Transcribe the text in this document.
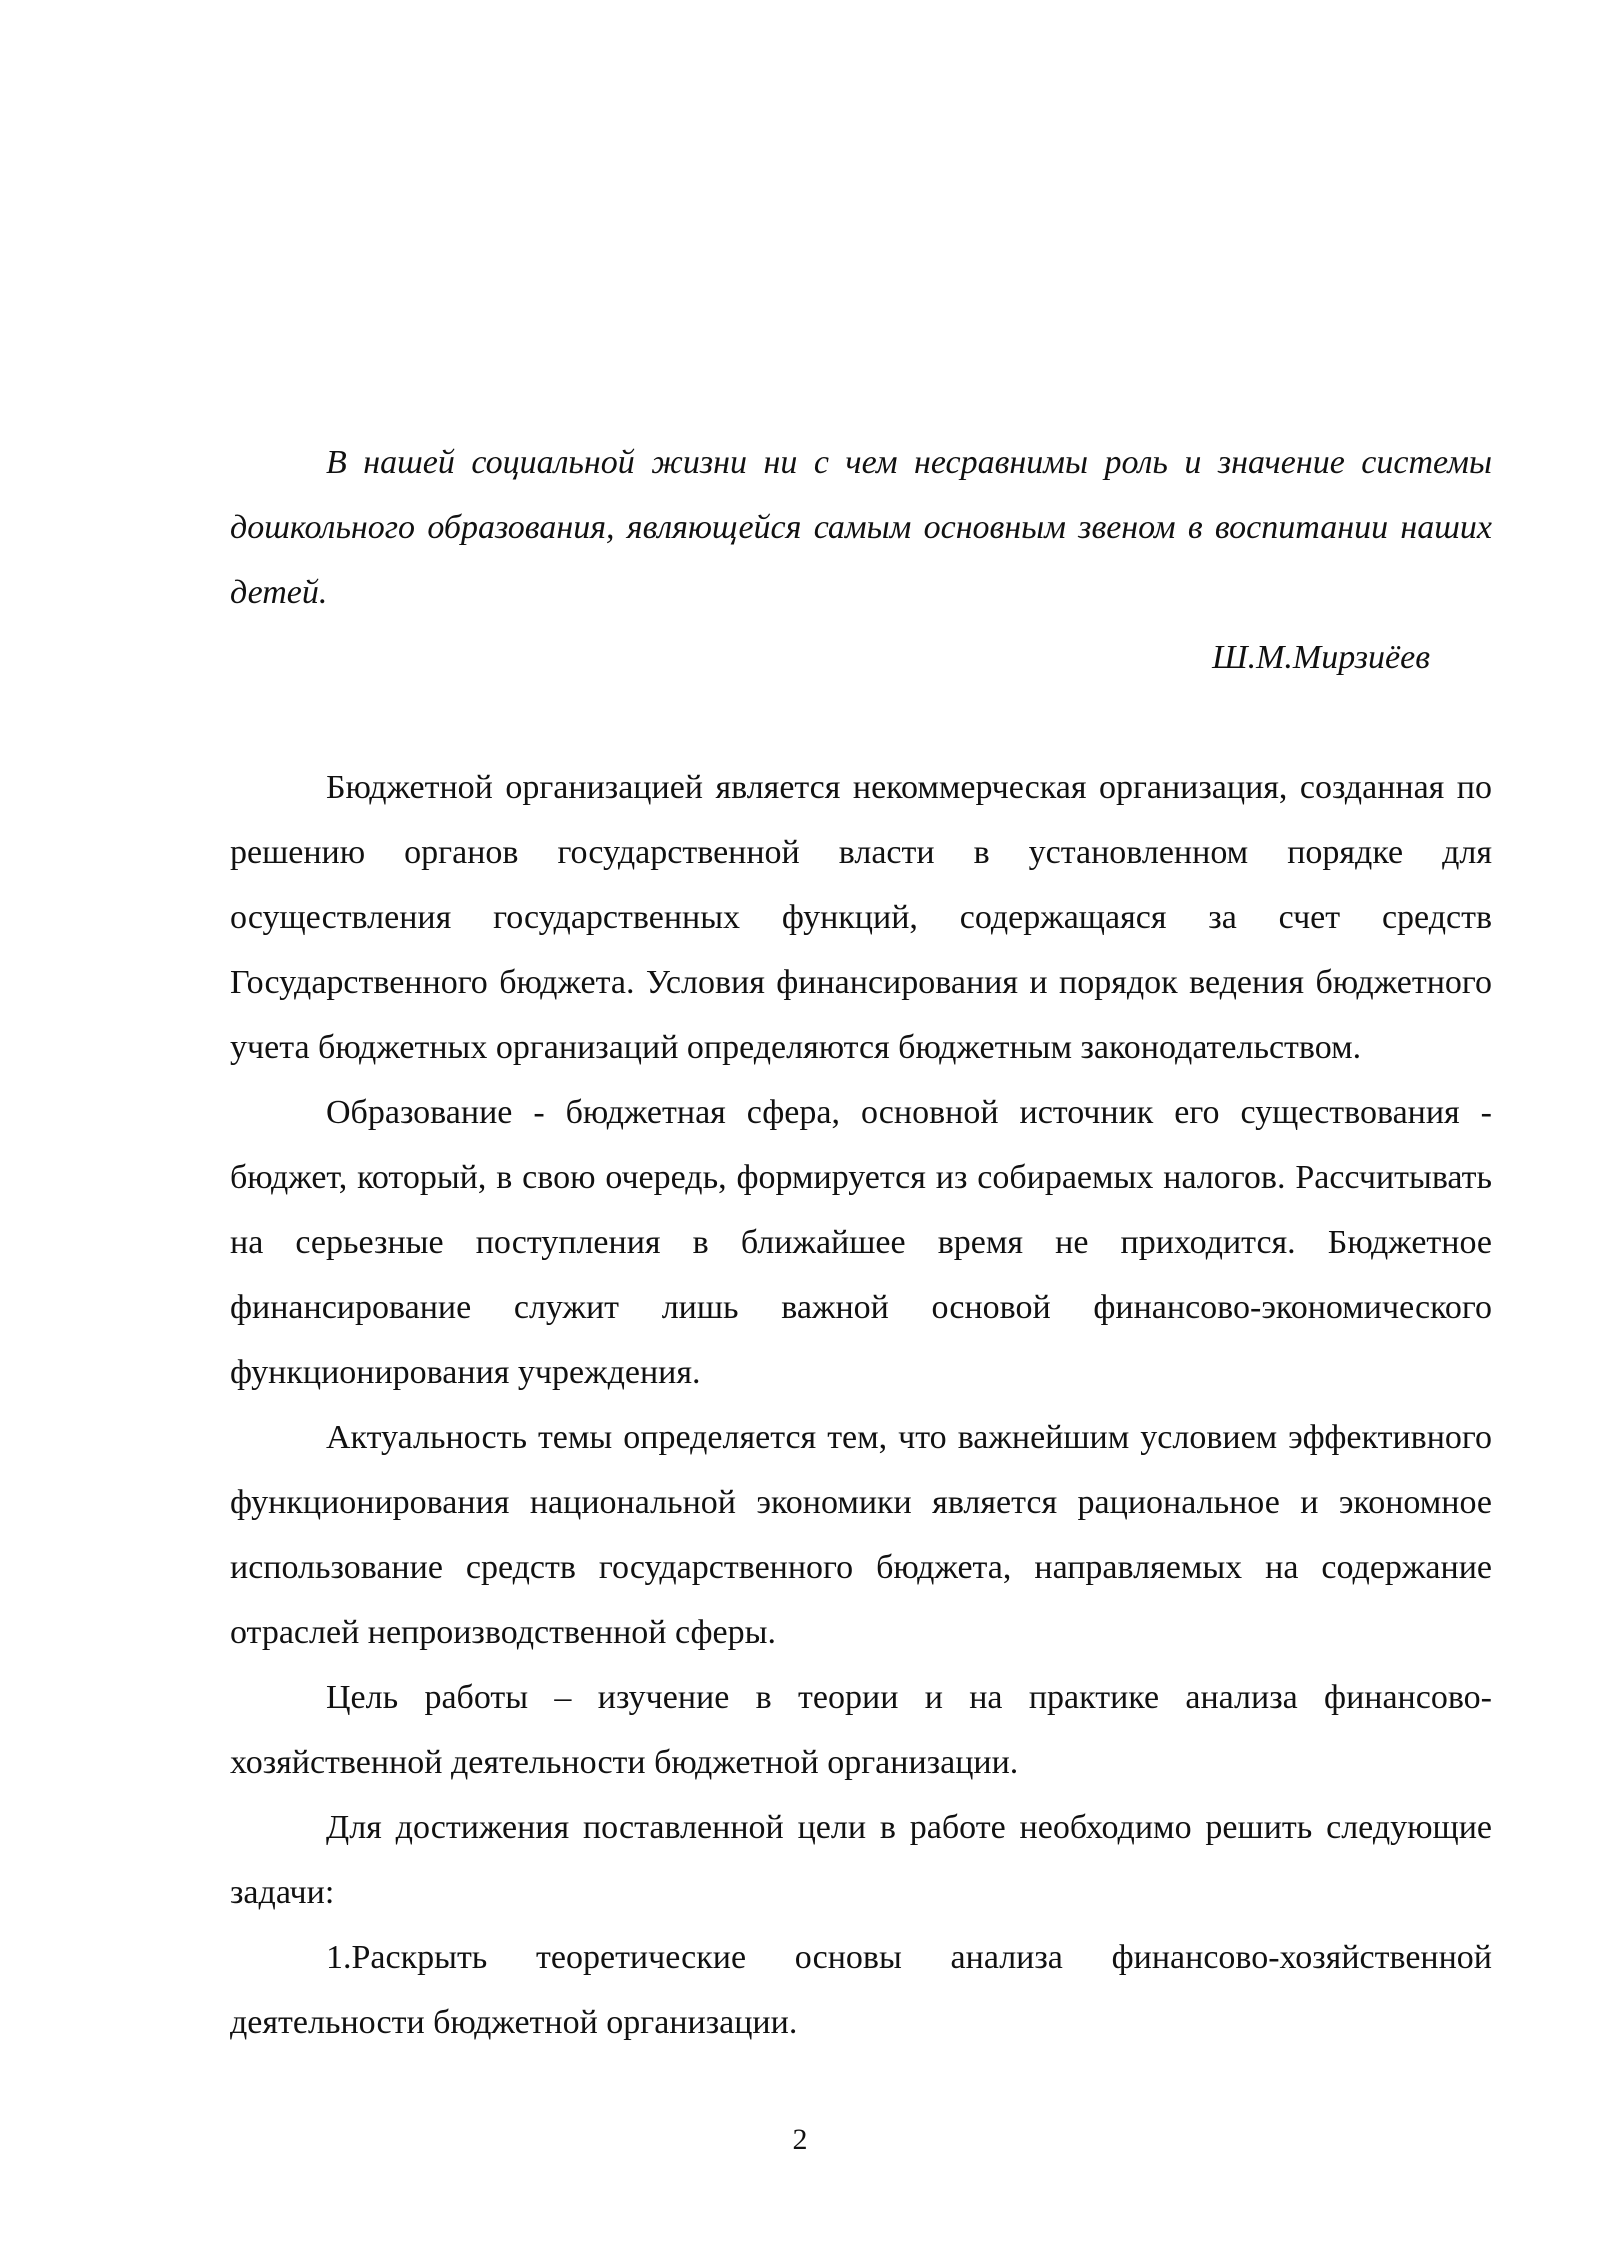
В нашей социальной жизни ни с чем несравнимы роль и значение системы дошкольного образования, являющейся самым основным звеном в воспитании наших детей.

Ш.М.Мирзиёев

Бюджетной организацией является некоммерческая организация, созданная по решению органов государственной власти в установленном порядке для осуществления государственных функций, содержащаяся за счет средств Государственного бюджета. Условия финансирования и порядок ведения бюджетного учета бюджетных организаций определяются бюджетным законодательством.

Образование - бюджетная сфера, основной источник его существования - бюджет, который, в свою очередь, формируется из собираемых налогов. Рассчитывать на серьезные поступления в ближайшее время не приходится. Бюджетное финансирование служит лишь важной основой финансово-экономического функционирования учреждения.

Актуальность темы определяется тем, что важнейшим условием эффективного функционирования национальной экономики является рациональное и экономное использование средств государственного бюджета, направляемых на содержание отраслей непроизводственной сферы.

Цель работы – изучение в теории и на практике анализа финансово-хозяйственной деятельности бюджетной организации.

Для достижения поставленной цели в работе необходимо решить следующие задачи:

1.Раскрыть теоретические основы анализа финансово-хозяйственной деятельности бюджетной организации.

2
